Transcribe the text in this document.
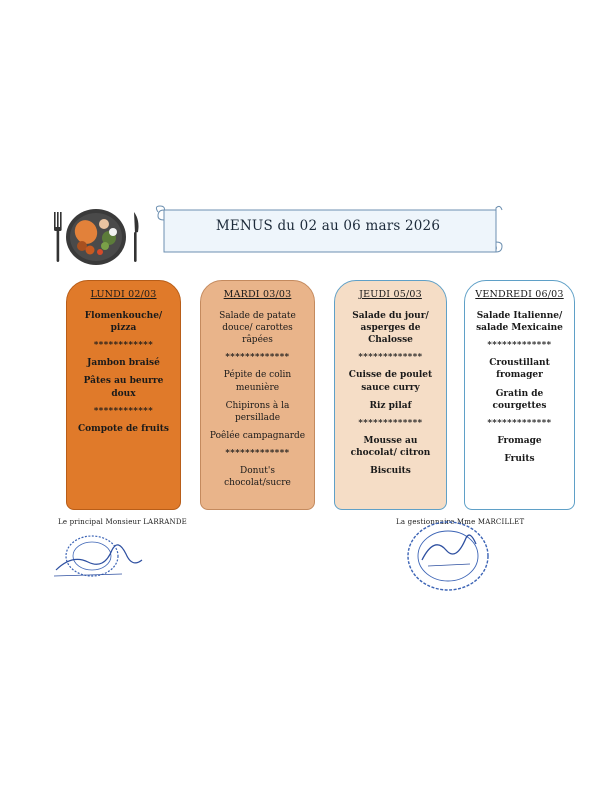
MENUS du 02 au 06 mars 2026
LUNDI 02/03
Flomenkouche/ pizza
************
Jambon braisé
Pâtes au beurre doux
************
Compote de fruits
MARDI 03/03
Salade de patate douce/ carottes râpées
*************
Pépite de colin meunière
Chipirons à la persillade
Poêlée campagnarde
*************
Donut's chocolat/sucre
JEUDI 05/03
Salade du jour/ asperges de Chalosse
*************
Cuisse de poulet sauce curry
Riz pilaf
*************
Mousse au chocolat/ citron
Biscuits
VENDREDI 06/03
Salade Italienne/ salade Mexicaine
*************
Croustillant fromager
Gratin de courgettes
*************
Fromage
Fruits
Le principal Monsieur LARRANDE	La gestionnaire Mme MARCILLET
